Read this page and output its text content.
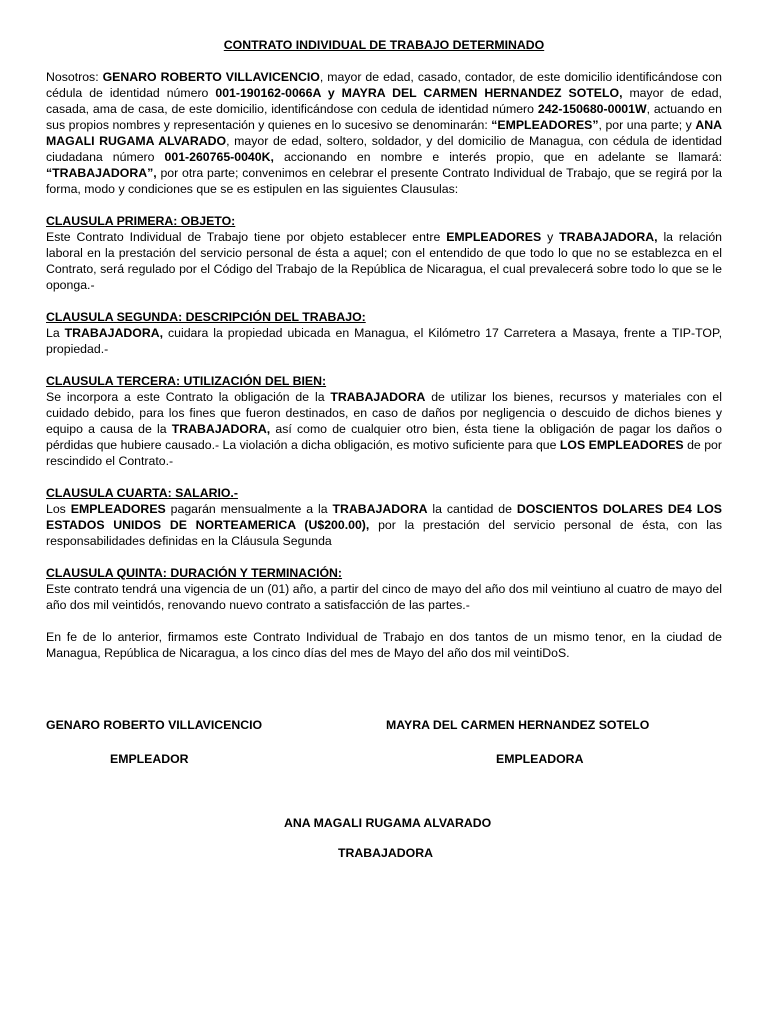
CONTRATO INDIVIDUAL DE TRABAJO DETERMINADO

Nosotros: GENARO ROBERTO VILLAVICENCIO, mayor de edad, casado, contador, de este domicilio identificándose con cédula de identidad número 001-190162-0066A y MAYRA DEL CARMEN HERNANDEZ SOTELO, mayor de edad, casada, ama de casa, de este domicilio, identificándose con cedula de identidad número 242-150680-0001W, actuando en sus propios nombres y representación y quienes en lo sucesivo se denominarán: “EMPLEADORES”, por una parte; y ANA MAGALI RUGAMA ALVARADO, mayor de edad, soltero, soldador, y del domicilio de Managua, con cédula de identidad ciudadana número 001-260765-0040K, accionando en nombre e interés propio, que en adelante se llamará: “TRABAJADORA”, por otra parte; convenimos en celebrar el presente Contrato Individual de Trabajo, que se regirá por la forma, modo y condiciones que se es estipulen en las siguientes Clausulas:

CLAUSULA PRIMERA: OBJETO:
Este Contrato Individual de Trabajo tiene por objeto establecer entre EMPLEADORES y TRABAJADORA, la relación laboral en la prestación del servicio personal de ésta a aquel; con el entendido de que todo lo que no se establezca en el Contrato, será regulado por el Código del Trabajo de la República de Nicaragua, el cual prevalecerá sobre todo lo que se le oponga.-
CLAUSULA SEGUNDA: DESCRIPCIÓN DEL TRABAJO:
La TRABAJADORA, cuidara la propiedad ubicada en Managua, el Kilómetro 17 Carretera a Masaya, frente a TIP-TOP, propiedad.-
CLAUSULA TERCERA: UTILIZACIÓN DEL BIEN:
Se incorpora a este Contrato la obligación de la TRABAJADORA de utilizar los bienes, recursos y materiales con el cuidado debido, para los fines que fueron destinados, en caso de daños por negligencia o descuido de dichos bienes y equipo a causa de la TRABAJADORA, así como de cualquier otro bien, ésta tiene la obligación de pagar los daños o pérdidas que hubiere causado.- La violación a dicha obligación, es motivo suficiente para que LOS EMPLEADORES de por rescindido el Contrato.-
CLAUSULA CUARTA: SALARIO.-
Los EMPLEADORES pagarán mensualmente a la TRABAJADORA la cantidad de DOSCIENTOS DOLARES DE4 LOS ESTADOS UNIDOS DE NORTEAMERICA (U$200.00), por la prestación del servicio personal de ésta, con las responsabilidades definidas en la Cláusula Segunda
CLAUSULA QUINTA: DURACIÓN Y TERMINACIÓN:
Este contrato tendrá una vigencia de un (01) año, a partir del cinco de mayo del año dos mil veintiuno al cuatro de mayo del año dos mil veintidós, renovando nuevo contrato a satisfacción de las partes.-

En fe de lo anterior, firmamos este Contrato Individual de Trabajo en dos tantos de un mismo tenor, en la ciudad de Managua, República de Nicaragua, a los cinco días del mes de Mayo del año dos mil veintiDoS.

GENARO ROBERTO VILLAVICENCIO	MAYRA DEL CARMEN HERNANDEZ SOTELO
EMPLEADOR	EMPLEADORA
ANA MAGALI RUGAMA ALVARADO
TRABAJADORA
